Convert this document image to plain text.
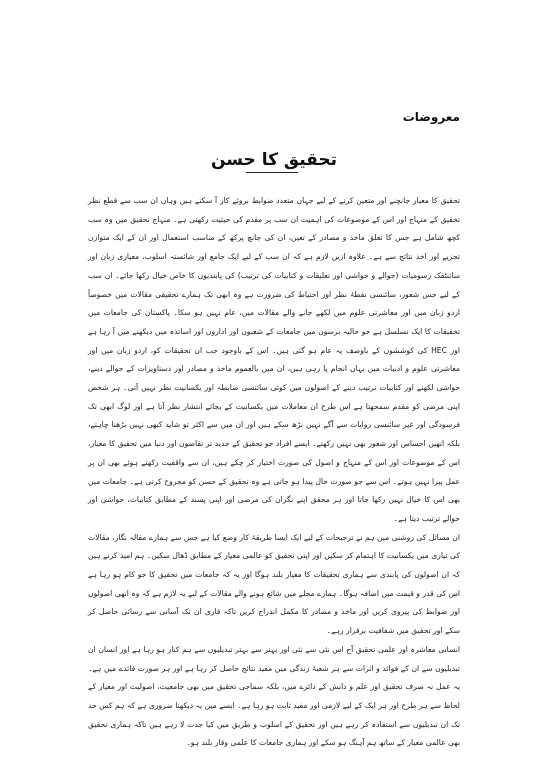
معروضات
تحقیق کا حسن

تحقیق کا معیار جانچنے اور متعین کرنے کے لیے جہاں متعدد ضوابط بروئے کار آ سکتے ہیں وہاں ان سب سے قطع نظر تحقیق کے منہاج اور اس کے موضوعات کی اہمیت ان سب پر مقدم کی حیثیت رکھتی ہے۔ منہاج تحقیق میں وہ سب کچھ شامل ہے جس کا تعلق ماخذ و مصادر کے تعین، ان کی جانچ پرکھ کے مناسب استعمال اور ان کے ایک متوازن تجزیے اور اخذ نتائج سے ہے۔ علاوہ ازیں لازم ہے کہ ان سب کے لیے ایک جامع اور شائستہ اسلوب، معیاری زبان اور سائنٹفک رسومیات (حوالے و حواشی اور تعلیقات و کتابیات کی ترتیب) کی پابندیوں کا خاص خیال رکھا جائے۔ ان سب کے لیے جس شعور، سائنسی نقطۂ نظر اور احتیاط کی ضرورت ہے وہ ابھی تک ہمارے تحقیقی مقالات میں خصوصاً اردو زبان میں اور معاشرتی علوم میں لکھے جانے والے مقالات میں، عام نہیں ہو سکا۔ پاکستان کی جامعات میں تحقیقات کا ایک تسلسل ہے جو حالیہ برسوں میں جامعات کے شعبوں اور اداروں اور اساتذہ میں دیکھنے میں آ رہا ہے اور HEC کی کوششوں کے باوصف یہ عام ہو گئی ہیں۔ اس کے باوجود جب ان تحقیقات کو، اردو زبان میں اور معاشرتی علوم و ادبیات میں یہاں انجام پا رہی ہیں، ان میں بالعموم ماخذ و مصادر اور دستاویزات کے حوالے دینے، حواشی لکھنے اور کتابیات ترتیب دینے کے اصولوں میں کوئی سائنسی ضابطہ اور یکسانیت نظر نہیں آتی۔ ہر شخص اپنی مرضی کو مقدم سمجھتا ہے اس طرح ان معاملات میں یکسانیت کے بجائے انتشار نظر آتا ہے اور لوگ ابھی تک فرسودگی اور غیر سائنسی روایات سے آگے نہیں بڑھ سکے ہیں اور ان میں سے اکثر تو شاید کبھی نہیں بڑھنا چاہتے، بلکہ انھیں احساس اور شعور بھی نہیں رکھتے۔ ایسے افراد جو تحقیق کے جدید تر تقاضوں اور دنیا میں تحقیق کا معیار، اس کے موضوعات اور اس کے منہاج و اصول کی صورت اختیار کر چکے ہیں، ان سے واقفیت رکھتے ہوئے بھی ان پر عمل پیرا نہیں ہوتے۔ اس سے جو صورت حال پیدا ہو جاتی ہے وہ تحقیق کے حسن کو مجروح کرتی ہے۔ جامعات میں بھی اس کا خیال نہیں رکھا جاتا اور ہر محقق اپنے نگران کی مرضی اور اپنی پسند کے مطابق کتابیات، حواشی اور حوالے ترتیب دیتا ہے۔

ان مسائل کی روشنی میں ہم نے ترجیحات کے لیے ایک ایسا طریقۂ کار وضع کیا ہے جس سے ہمارے مقالہ نگار، مقالات کی تیاری میں یکسانیت کا اہتمام کر سکیں اور اپنی تحقیق کو عالمی معیار کے مطابق ڈھال سکیں۔ ہم امید کرتے ہیں کہ ان اصولوں کی پابندی سے ہماری تحقیقات کا معیار بلند ہوگا اور یہ کہ جامعات میں تحقیق کا جو کام ہو رہا ہے اس کی قدر و قیمت میں اضافہ ہوگا۔ ہمارے مجلے میں شائع ہونے والے مقالات کے لیے یہ لازم ہے کہ وہ انھی اصولوں اور ضوابط کی پیروی کریں اور ماخذ و مصادر کا مکمل اندراج کریں تاکہ قاری ان تک آسانی سے رسائی حاصل کر سکے اور تحقیق میں شفافیت برقرار رہے۔

انسانی معاشرہ اور علمی تحقیق آج اس نئی سے نئی اور بہتر سے بہتر تبدیلیوں سے ہم کنار ہو رہا ہے اور انسان ان تبدیلیوں سے ان کے فوائد و اثرات سے ہر شعبۂ زندگی میں مفید نتائج حاصل کر رہا ہے اور ہر صورت فائدے میں ہے۔ یہ عمل نہ صرف تحقیق اور علم و دانش کے دائرے میں، بلکہ سماجی تحقیق میں بھی جامعیت، اصولیت اور معیار کے لحاظ سے ہر طرح اور ہر ایک کے لیے لازمی اور مفید ثابت ہو رہا ہے۔ ایسے میں یہ دیکھنا ضروری ہے کہ ہم کس حد تک ان تبدیلیوں سے استفادہ کر رہے ہیں اور تحقیق کے اسلوب و طریق میں کیا جدت لا رہے ہیں تاکہ ہماری تحقیق بھی عالمی معیار کے ساتھ ہم آہنگ ہو سکے اور ہماری جامعات کا علمی وقار بلند ہو۔
